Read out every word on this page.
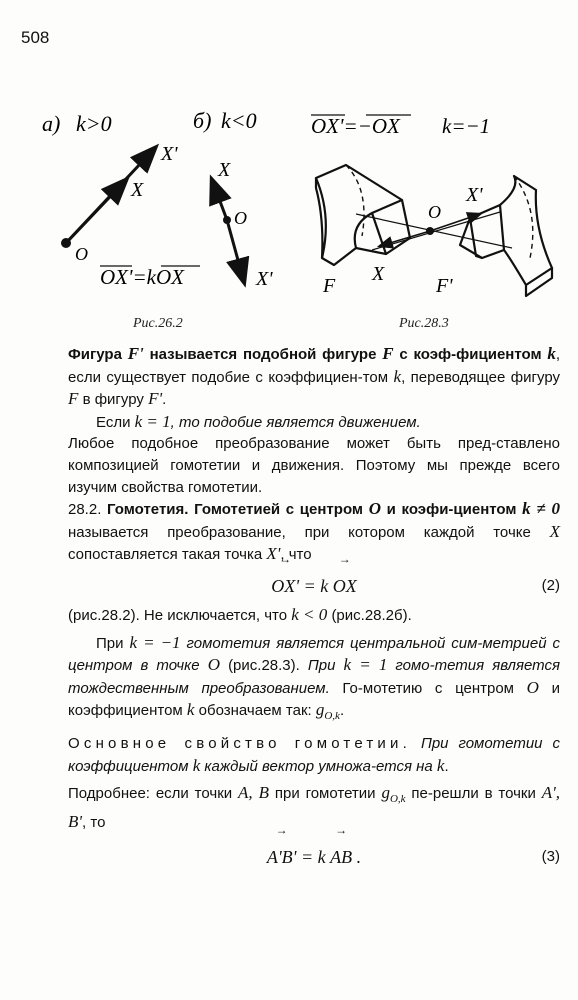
508
а) k>0
X'
X
O
б) k<0
X
O
X'
OX'=kOX
OX'=−OX k=−1
O
X'
X
F	F'
Рис.26.2	Рис.28.3

Фигура F' называется подобной фигуре F с коэф-фициентом k, если существует подобие с коэффициен-том k, переводящее фигуру F в фигуру F'.

Если k = 1, то подобие является движением.

Любое подобное преобразование может быть пред-ставлено композицией гомотетии и движения. Поэтому мы прежде всего изучим свойства гомотетии.

28.2. Гомотетия. Гомотетией с центром O и коэфи-циентом k ≠ 0 называется преобразование, при котором каждой точке X сопоставляется такая точка X', что

→ OX' = k → OX	(2)

(рис.28.2). Не исключается, что k < 0 (рис.28.2б).

При k = −1 гомотетия является центральной сим-метрией с центром в точке O (рис.28.3). При k = 1 гомо-тетия является тождественным преобразованием. Го-мотетию с центром O и коэффициентом k обозначаем так: $g_{O,k}$.

Основное свойство гомотетии. При гомотетии с коэффициентом k каждый вектор умножа-ется на k.

Подробнее: если точки A, B при гомотетии $g_{O,k}$ пе-решли в точки A', B', то

→ A'B' = k → AB .	(3)
